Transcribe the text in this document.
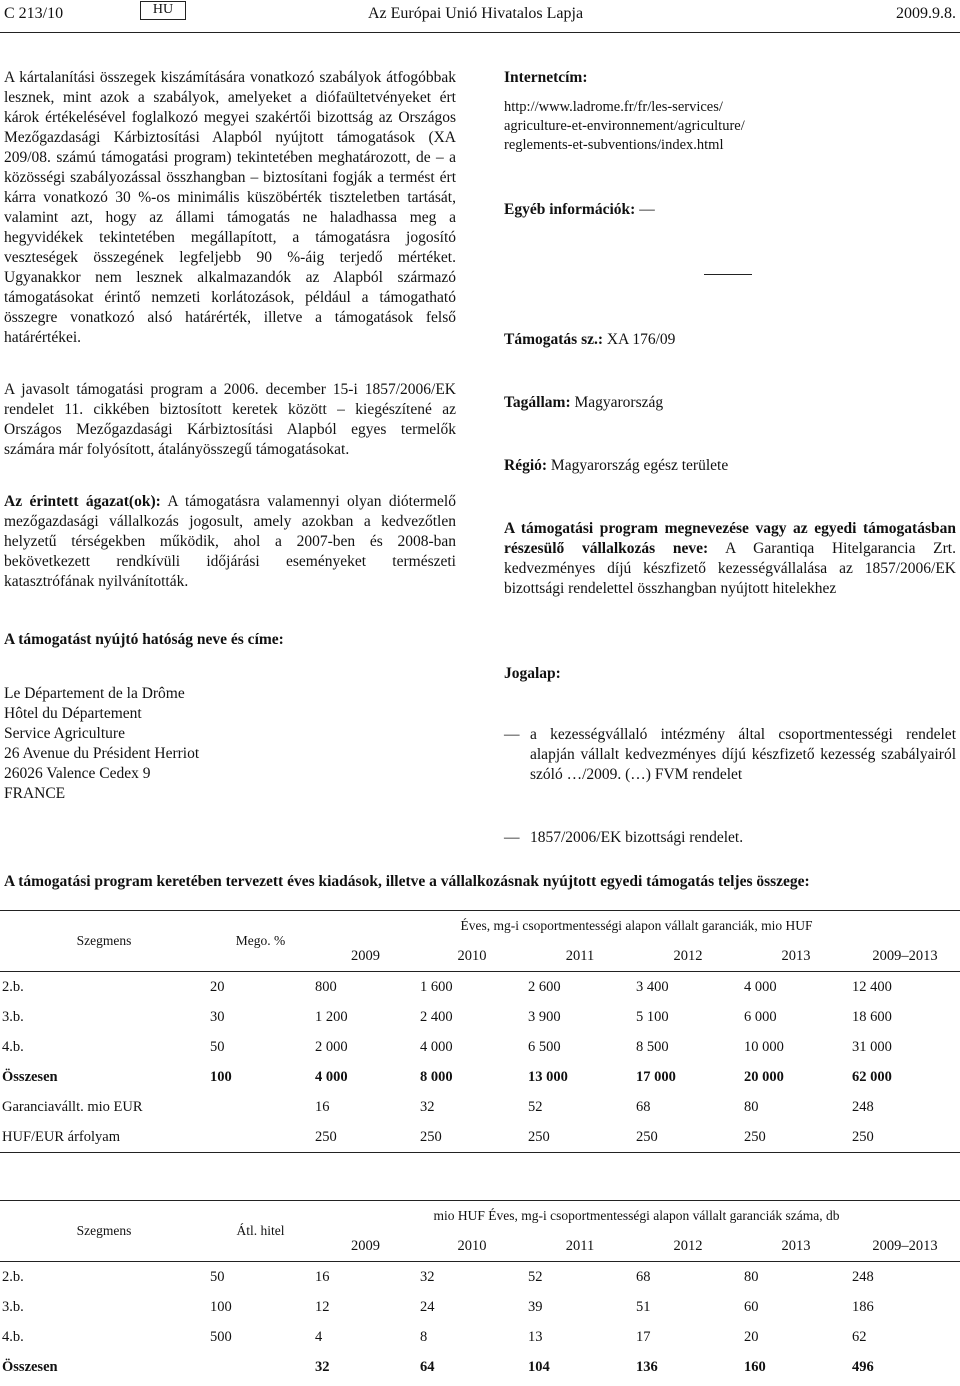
C 213/10	HU	Az Európai Unió Hivatalos Lapja	2009.9.8.

A kártalanítási összegek kiszámítására vonatkozó szabályok átfogóbbak lesznek, mint azok a szabályok, amelyeket a diófaültetvényeket ért károk értékelésével foglalkozó megyei szakértői bizottság az Országos Mezőgazdasági Kárbiztosítási Alapból nyújtott támogatások (XA 209/08. számú támogatási program) tekintetében meghatározott, de – a közösségi szabályozással összhangban – biztosítani fogják a termést ért kárra vonatkozó 30 %-os minimális küszöbérték tiszteletben tartását, valamint azt, hogy az állami támogatás ne haladhassa meg a hegyvidékek tekintetében megállapított, a támogatásra jogosító veszteségek összegének legfeljebb 90 %-áig terjedő mértéket. Ugyanakkor nem lesznek alkalmazandók az Alapból származó támogatásokat érintő nemzeti korlátozások, például a támogatható összegre vonatkozó alsó határérték, illetve a támogatások felső határértékei.

A javasolt támogatási program a 2006. december 15-i 1857/2006/EK rendelet 11. cikkében biztosított keretek között – kiegészítené az Országos Mezőgazdasági Kárbiztosítási Alapból egyes termelők számára már folyósított, átalányösszegű támogatásokat.

Az érintett ágazat(ok): A támogatásra valamennyi olyan diótermelő mezőgazdasági vállalkozás jogosult, amely azokban a kedvezőtlen helyzetű térségekben működik, ahol a 2007-ben és 2008-ban bekövetkezett rendkívüli időjárási eseményeket természeti katasztrófának nyilvánították.

A támogatást nyújtó hatóság neve és címe:

Le Département de la Drôme
Hôtel du Département
Service Agriculture
26 Avenue du Président Herriot
26026 Valence Cedex 9
FRANCE

Internetcím:

http://www.ladrome.fr/fr/les-services/
agriculture-et-environnement/agriculture/
reglements-et-subventions/index.html
Egyéb információk: —
Támogatás sz.: XA 176/09
Tagállam: Magyarország
Régió: Magyarország egész területe
A támogatási program megnevezése vagy az egyedi támogatásban részesülő vállalkozás neve: A Garantiqa Hitelgarancia Zrt. kedvezményes díjú készfizető kezességvállalása az 1857/2006/EK bizottsági rendelettel összhangban nyújtott hitelekhez
Jogalap:
— a kezességvállaló intézmény által csoportmentességi rendelet alapján vállalt kedvezményes díjú készfizető kezesség szabályairól szóló …/2009. (…) FVM rendelet
— 1857/2006/EK bizottsági rendelet.
A támogatási program keretében tervezett éves kiadások, illetve a vállalkozásnak nyújtott egyedi támogatás teljes összege:
Szegmens	Mego. %	Éves, mg-i csoportmentességi alapon vállalt garanciák, mio HUF					
		2009	2010	2011	2012	2013	2009–2013
2.b.	20	800	1 600	2 600	3 400	4 000	12 400
3.b.	30	1 200	2 400	3 900	5 100	6 000	18 600
4.b.	50	2 000	4 000	6 500	8 500	10 000	31 000
Összesen	100	4 000	8 000	13 000	17 000	20 000	62 000
Garanciavállt. mio EUR		16	32	52	68	80	248
HUF/EUR árfolyam		250	250	250	250	250	250
Szegmens	Átl. hitel	mio HUF Éves, mg-i csoportmentességi alapon vállalt garanciák száma, db					
		2009	2010	2011	2012	2013	2009–2013
2.b.	50	16	32	52	68	80	248
3.b.	100	12	24	39	51	60	186
4.b.	500	4	8	13	17	20	62
Összesen		32	64	104	136	160	496
